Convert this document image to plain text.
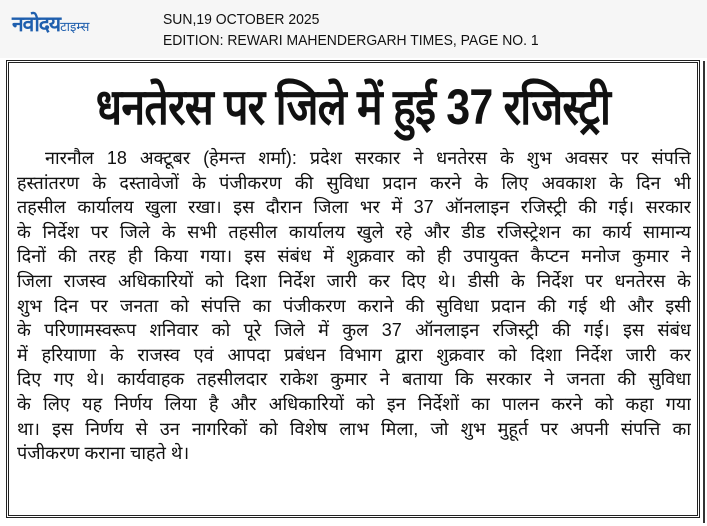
नवोदयटाइम्स	SUN,19 OCTOBER 2025
EDITION: REWARI MAHENDERGARH TIMES, PAGE NO. 1
धनतेरस पर जिले में हुई 37 रजिस्ट्री
नारनौल 18 अक्टूबर (हेमन्त शर्मा): प्रदेश सरकार ने धनतेरस के शुभ अवसर पर संपत्ति
हस्तांतरण के दस्तावेजों के पंजीकरण की सुविधा प्रदान करने के लिए अवकाश के दिन भी
तहसील कार्यालय खुला रखा। इस दौरान जिला भर में 37 ऑनलाइन रजिस्ट्री की गई। सरकार
के निर्देश पर जिले के सभी तहसील कार्यालय खुले रहे और डीड रजिस्ट्रेशन का कार्य सामान्य
दिनों की तरह ही किया गया। इस संबंध में शुक्रवार को ही उपायुक्त कैप्टन मनोज कुमार ने
जिला राजस्व अधिकारियों को दिशा निर्देश जारी कर दिए थे। डीसी के निर्देश पर धनतेरस के
शुभ दिन पर जनता को संपत्ति का पंजीकरण कराने की सुविधा प्रदान की गई थी और इसी
के परिणामस्वरूप शनिवार को पूरे जिले में कुल 37 ऑनलाइन रजिस्ट्री की गई। इस संबंध
में हरियाणा के राजस्व एवं आपदा प्रबंधन विभाग द्वारा शुक्रवार को दिशा निर्देश जारी कर
दिए गए थे। कार्यवाहक तहसीलदार राकेश कुमार ने बताया कि सरकार ने जनता की सुविधा
के लिए यह निर्णय लिया है और अधिकारियों को इन निर्देशों का पालन करने को कहा गया
था। इस निर्णय से उन नागरिकों को विशेष लाभ मिला, जो शुभ मुहूर्त पर अपनी संपत्ति का
पंजीकरण कराना चाहते थे।
